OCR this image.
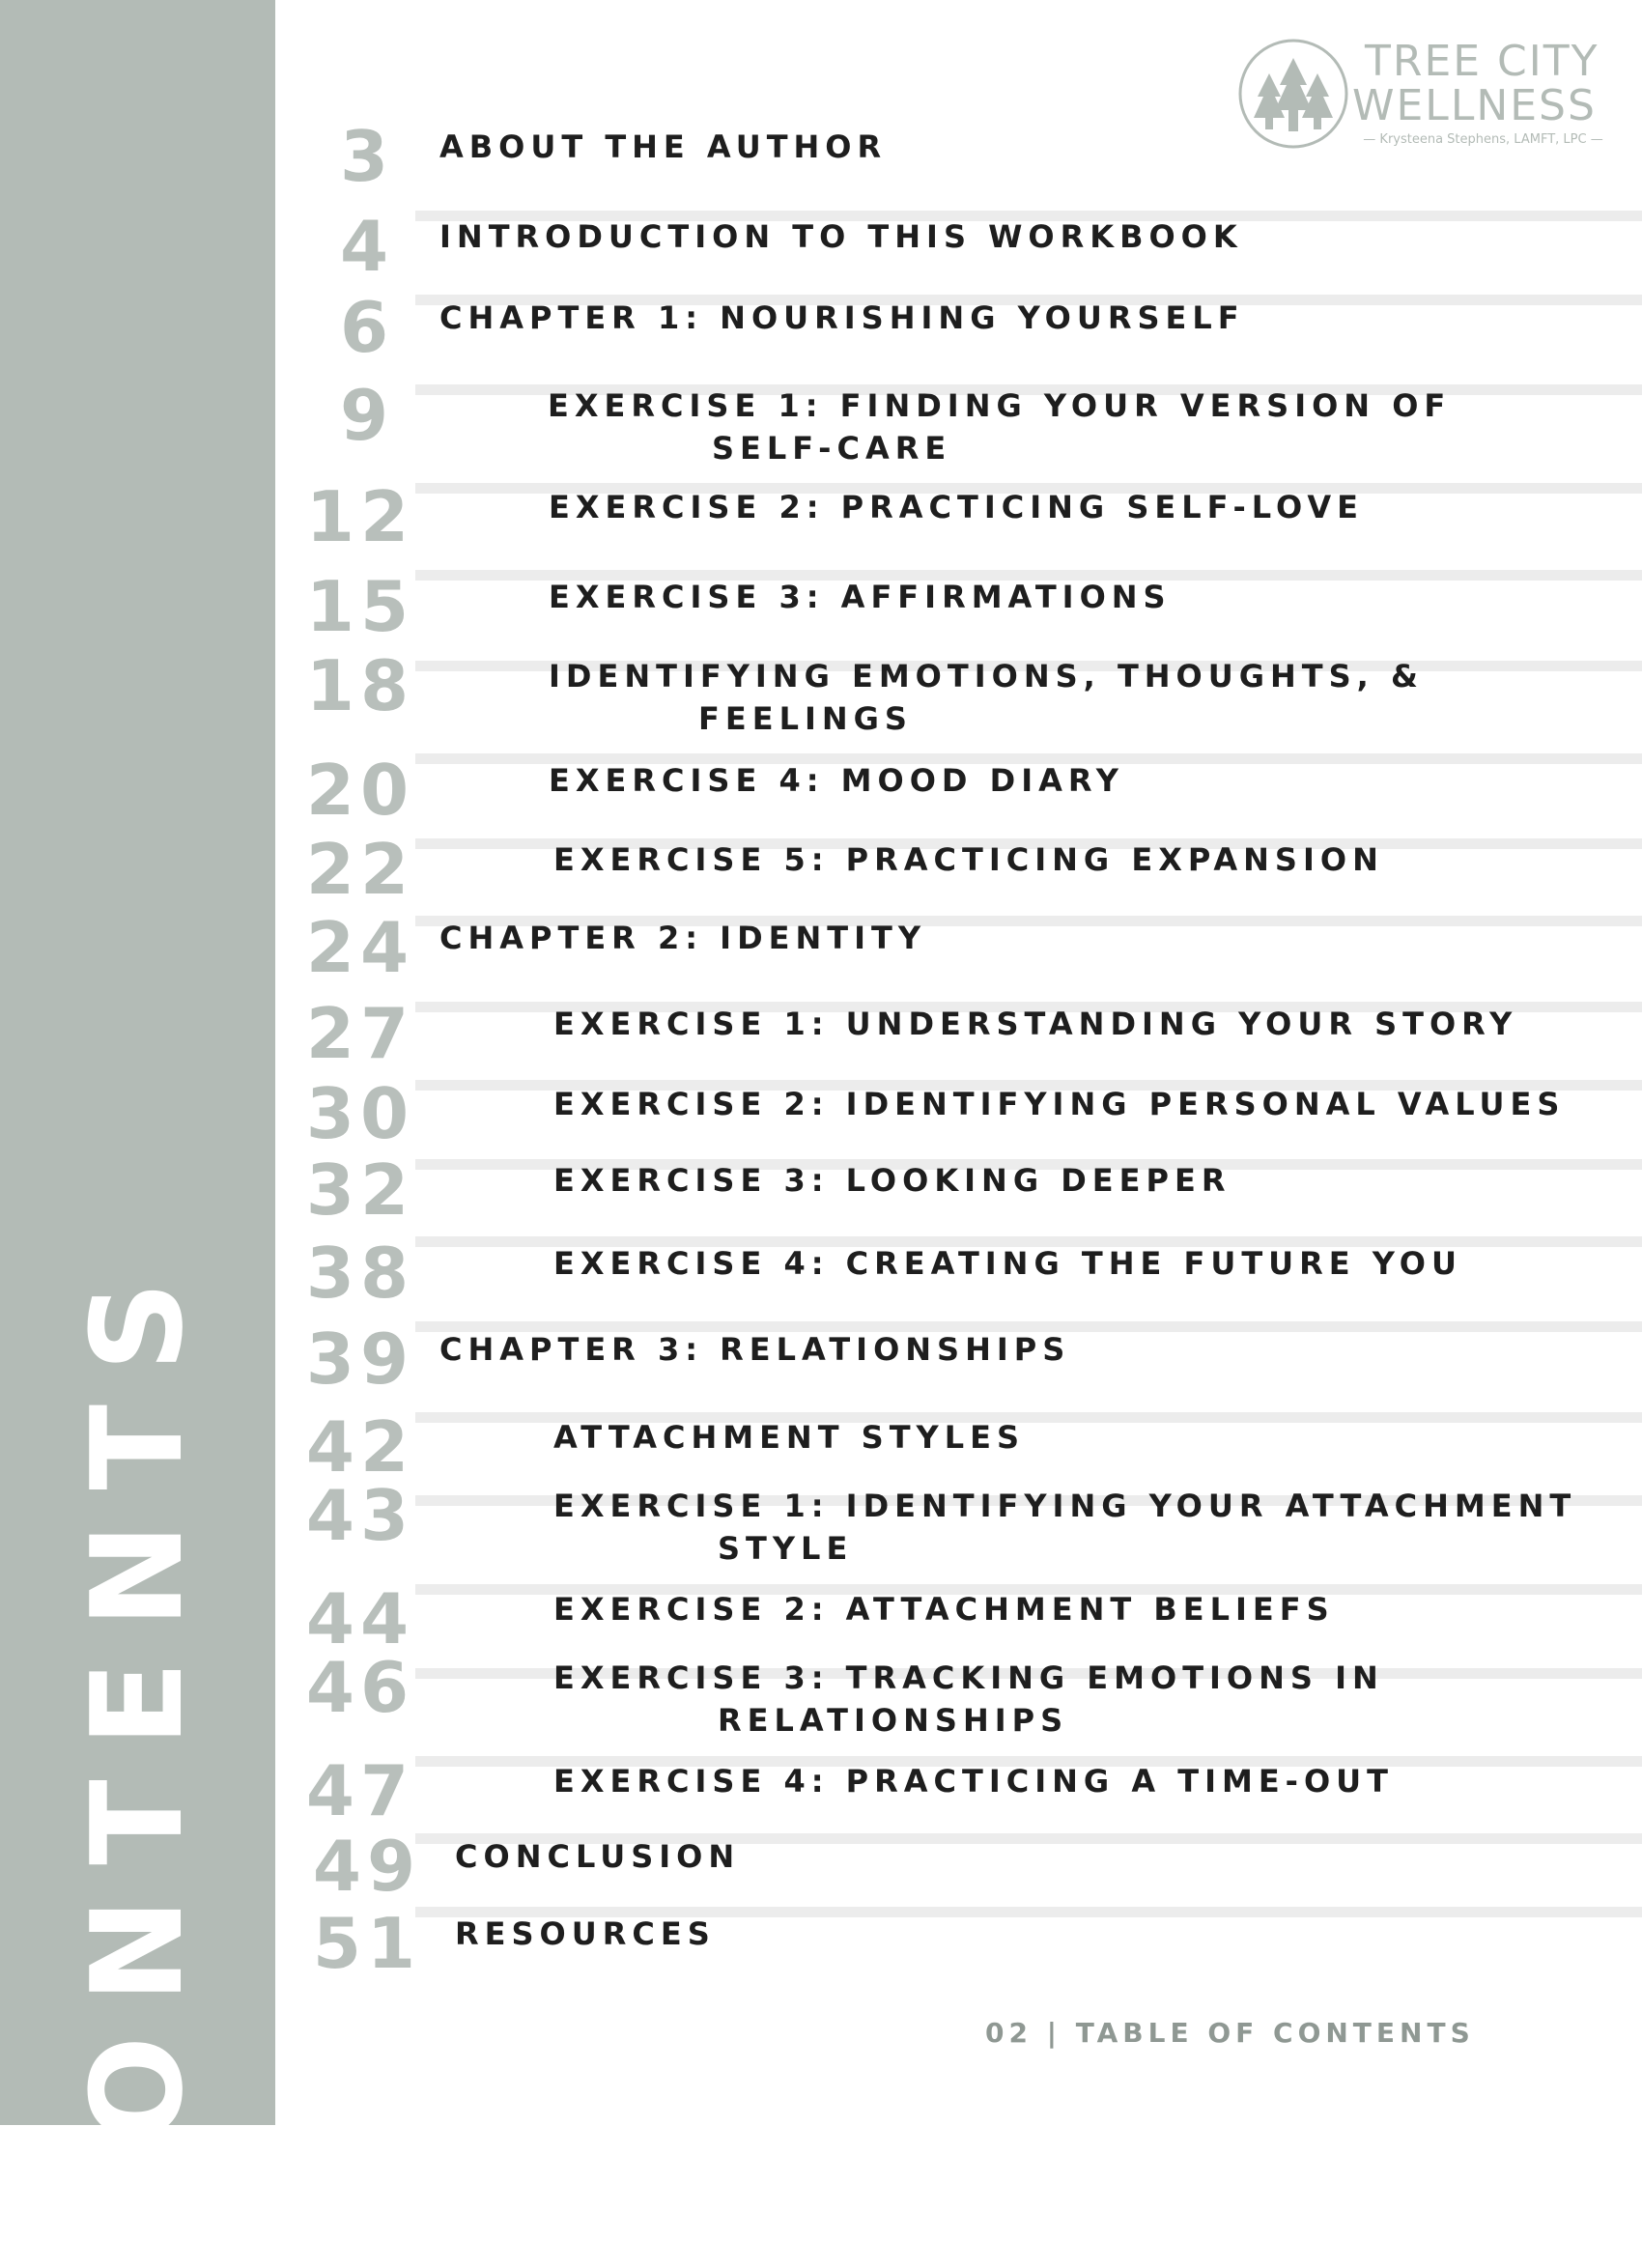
CONTENTS
TREE CITY
WELLNESS
— Krysteena Stephens, LAMFT, LPC —
3	ABOUT THE AUTHOR
4	INTRODUCTION TO THIS WORKBOOK
6	CHAPTER 1: NOURISHING YOURSELF
9	EXERCISE 1: FINDING YOUR VERSION OF
SELF-CARE
12	EXERCISE 2: PRACTICING SELF-LOVE
15	EXERCISE 3: AFFIRMATIONS
18	IDENTIFYING EMOTIONS, THOUGHTS, &
FEELINGS
20	EXERCISE 4: MOOD DIARY
22	EXERCISE 5: PRACTICING EXPANSION
24 CHAPTER 2: IDENTITY
27	EXERCISE 1: UNDERSTANDING YOUR STORY
30	EXERCISE 2: IDENTIFYING PERSONAL VALUES
32	EXERCISE 3: LOOKING DEEPER
38	EXERCISE 4: CREATING THE FUTURE YOU
39 CHAPTER 3: RELATIONSHIPS
42	ATTACHMENT STYLES
43	EXERCISE 1: IDENTIFYING YOUR ATTACHMENT
STYLE
44	EXERCISE 2: ATTACHMENT BELIEFS
46	EXERCISE 3: TRACKING EMOTIONS IN
RELATIONSHIPS
47	EXERCISE 4: PRACTICING A TIME-OUT
49	CONCLUSION
51	RESOURCES
02 | TABLE OF CONTENTS
